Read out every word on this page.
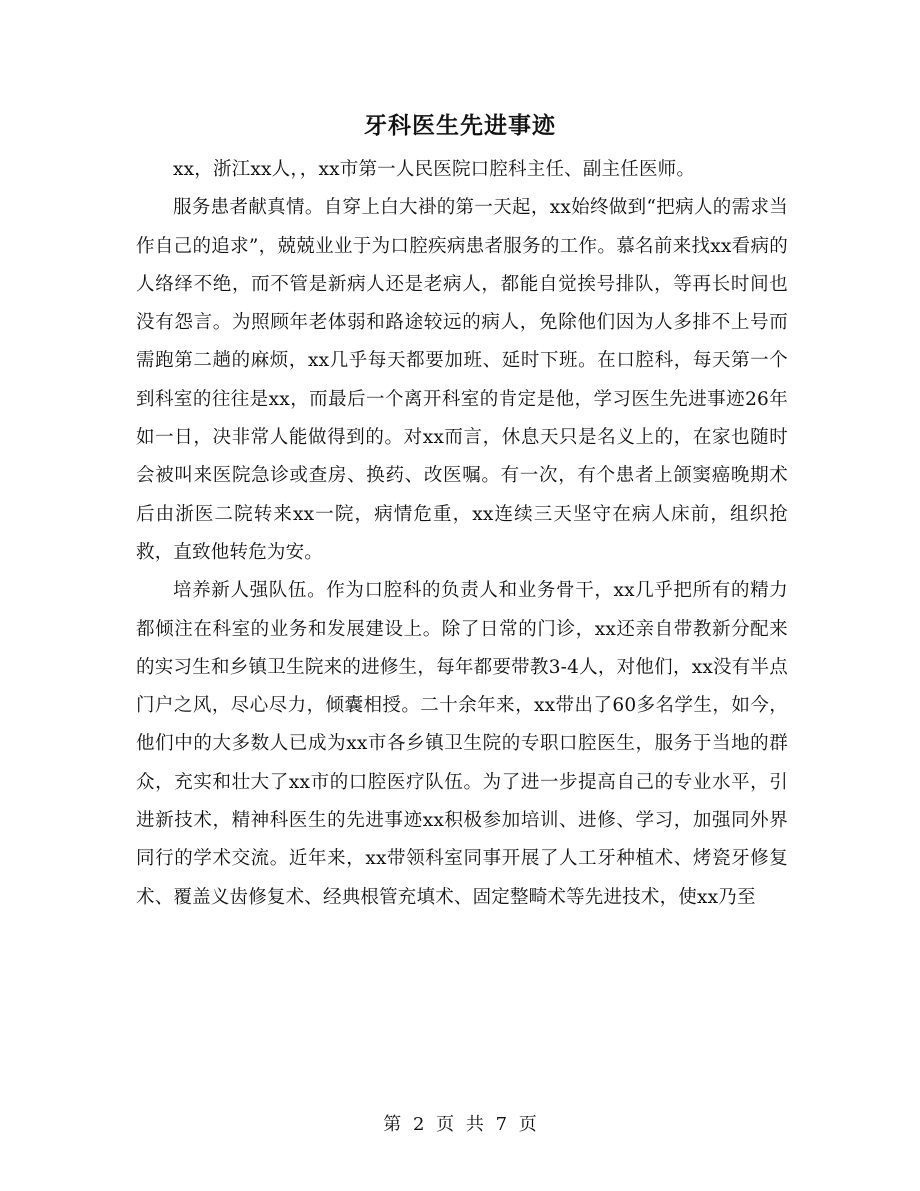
牙科医生先进事迹

xx，浙江xx人，，xx市第一人民医院口腔科主任、副主任医师。

服务患者献真情。自穿上白大褂的第一天起，xx始终做到“把病人的需求当作自己的追求”，兢兢业业于为口腔疾病患者服务的工作。慕名前来找xx看病的人络绎不绝，而不管是新病人还是老病人，都能自觉挨号排队，等再长时间也没有怨言。为照顾年老体弱和路途较远的病人，免除他们因为人多排不上号而需跑第二趟的麻烦，xx几乎每天都要加班、延时下班。在口腔科，每天第一个到科室的往往是xx，而最后一个离开科室的肯定是他，学习医生先进事迹26年如一日，决非常人能做得到的。对xx而言，休息天只是名义上的，在家也随时会被叫来医院急诊或查房、换药、改医嘱。有一次，有个患者上颌窦癌晚期术后由浙医二院转来xx一院，病情危重，xx连续三天坚守在病人床前，组织抢救，直致他转危为安。

培养新人强队伍。作为口腔科的负责人和业务骨干，xx几乎把所有的精力都倾注在科室的业务和发展建设上。除了日常的门诊，xx还亲自带教新分配来的实习生和乡镇卫生院来的进修生，每年都要带教3-4人，对他们，xx没有半点门户之风，尽心尽力，倾囊相授。二十余年来，xx带出了60多名学生，如今，他们中的大多数人已成为xx市各乡镇卫生院的专职口腔医生，服务于当地的群众，充实和壮大了xx市的口腔医疗队伍。为了进一步提高自己的专业水平，引进新技术，精神科医生的先进事迹xx积极参加培训、进修、学习，加强同外界同行的学术交流。近年来，xx带领科室同事开展了人工牙种植术、烤瓷牙修复术、覆盖义齿修复术、经典根管充填术、固定整畸术等先进技术，使xx乃至

第 2 页 共 7 页
